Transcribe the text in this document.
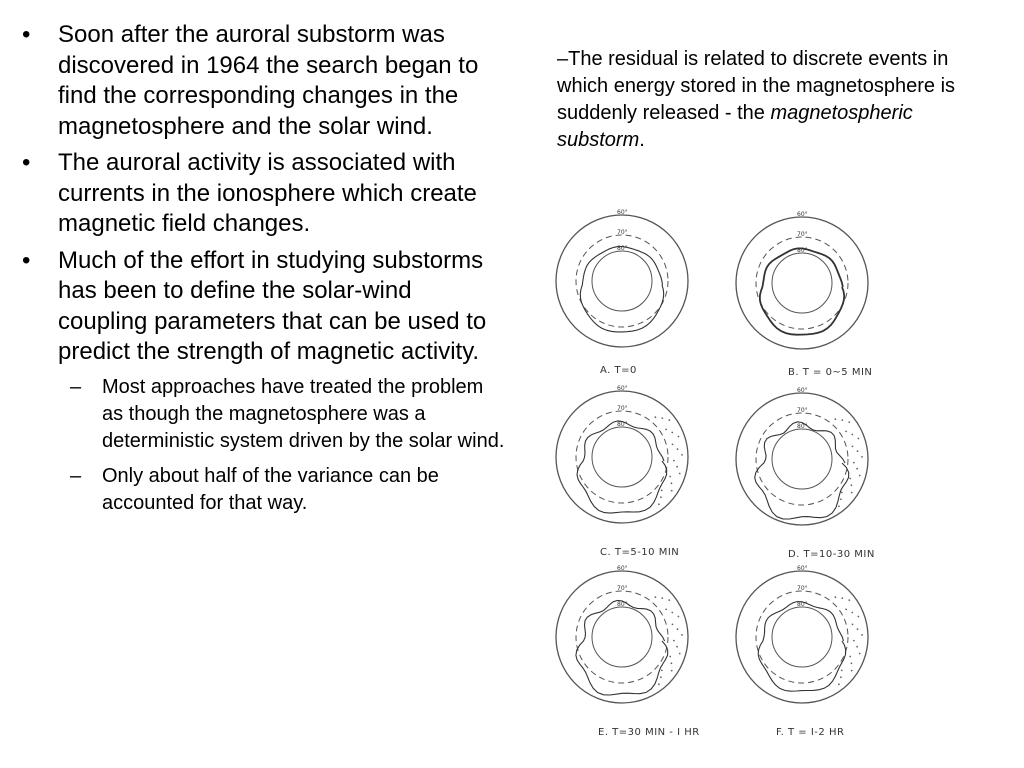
• Soon after the auroral substorm was discovered in 1964 the search began to find the corresponding changes in the magnetosphere and the solar wind.
• The auroral activity is associated with currents in the ionosphere which create magnetic field changes.
• Much of the effort in studying substorms has been to define the solar-wind coupling parameters that can be used to predict the strength of magnetic activity.
– Most approaches have treated the problem as though the magnetosphere was a deterministic system driven by the solar wind.
– Only about half of the variance can be accounted for that way.
–The residual is related to discrete events in which energy stored in the magnetosphere is suddenly released - the magnetospheric substorm.
60°
70°
80°
A. T=0
60°
70°
80°
B. T = 0~5 MIN
60°
70°
80°
C. T=5-10 MIN
60°
70°
80°
D. T=10-30 MIN
60°
70°
80°
E. T=30 MIN - I HR
60°
70°
80°
F. T = I-2 HR
